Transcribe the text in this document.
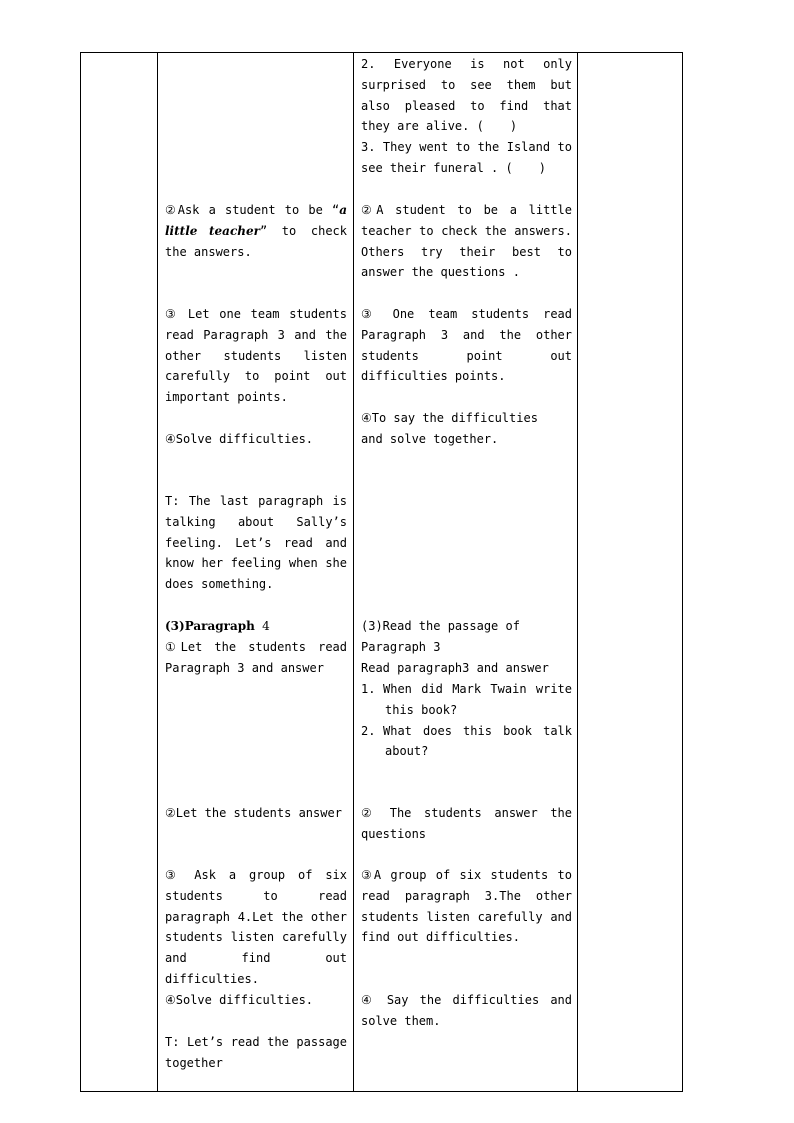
②Ask a student to be “a little teacher” to check the answers.
③ Let one team students read Paragraph 3 and the other students listen carefully to point out important points.
④Solve difficulties.
T: The last paragraph is talking about Sally’s feeling. Let’s read and know her feeling when she does something.
(3)Paragraph 4
①Let the students read Paragraph 3 and answer
②Let the students answer
③ Ask a group of six students to read paragraph 4.Let the other students listen carefully and find out difficulties.
④Solve difficulties.
T: Let’s read the passage together
2. Everyone is not only surprised to see them but also pleased to find that they are alive. ( )
3. They went to the Island to see their funeral . ( )
②A student to be a little teacher to check the answers. Others try their best to answer the questions .
③ One team students read Paragraph 3 and the other students point out difficulties points.
④To say the difficulties
and solve together.
(3)Read the passage of Paragraph 3
Read paragraph3 and answer
1. When did Mark Twain write this book?
2. What does this book talk about?
② The students answer the questions
③A group of six students to read paragraph 3.The other students listen carefully and find out difficulties.
④ Say the difficulties and solve them.
